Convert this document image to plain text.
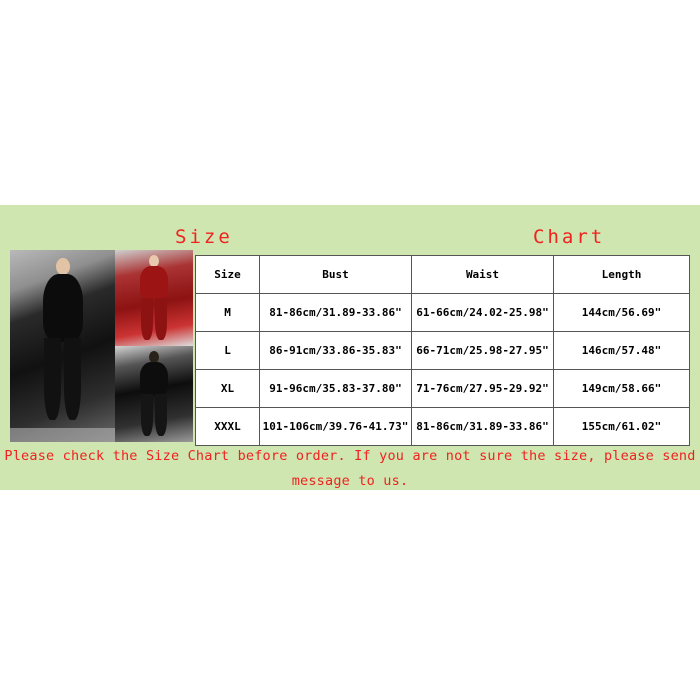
Size	Chart
Size	Bust	Waist	Length
M	81-86cm/31.89-33.86"	61-66cm/24.02-25.98"	144cm/56.69"
L	86-91cm/33.86-35.83"	66-71cm/25.98-27.95"	146cm/57.48"
XL	91-96cm/35.83-37.80"	71-76cm/27.95-29.92"	149cm/58.66"
XXXL	101-106cm/39.76-41.73"	81-86cm/31.89-33.86"	155cm/61.02"
Please check the Size Chart before order. If you are not sure the size, please send
message to us.
